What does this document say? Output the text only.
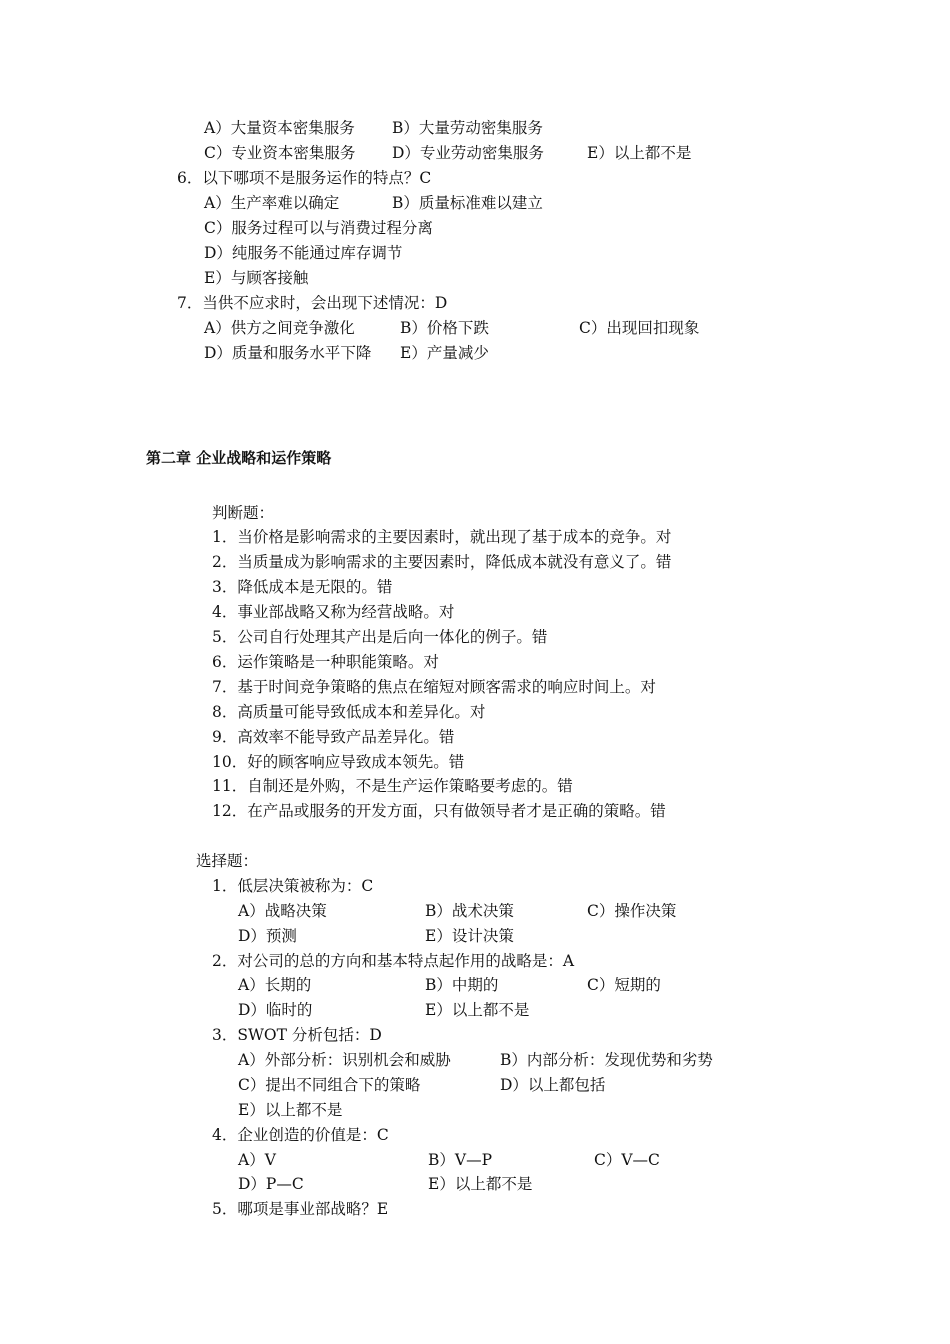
A）大量资本密集服务 B）大量劳动密集服务
C）专业资本密集服务 D）专业劳动密集服务	E）以上都不是
6．以下哪项不是服务运作的特点？C
A）生产率难以确定	B）质量标准难以建立
C）服务过程可以与消费过程分离
D）纯服务不能通过库存调节
E）与顾客接触
7．当供不应求时，会出现下述情况：D
A）供方之间竞争激化	B）价格下跌	C）出现回扣现象
D）质量和服务水平下降 E）产量减少
第二章 企业战略和运作策略
判断题：
1．当价格是影响需求的主要因素时，就出现了基于成本的竞争。对
2．当质量成为影响需求的主要因素时，降低成本就没有意义了。错
3．降低成本是无限的。错
4．事业部战略又称为经营战略。对
5．公司自行处理其产出是后向一体化的例子。错
6．运作策略是一种职能策略。对
7．基于时间竞争策略的焦点在缩短对顾客需求的响应时间上。对
8．高质量可能导致低成本和差异化。对
9．高效率不能导致产品差异化。错
10．好的顾客响应导致成本领先。错
11．自制还是外购，不是生产运作策略要考虑的。错
12．在产品或服务的开发方面，只有做领导者才是正确的策略。错
选择题：
1．低层决策被称为：C
A）战略决策	B）战术决策	C）操作决策
D）预测	E）设计决策
2．对公司的总的方向和基本特点起作用的战略是：A
A）长期的	B）中期的	C）短期的
D）临时的	E）以上都不是
3．SWOT 分析包括：D
A）外部分析：识别机会和威胁	B）内部分析：发现优势和劣势
C）提出不同组合下的策略	D）以上都包括
E）以上都不是
4．企业创造的价值是：C
A）V	B）V—P	C）V—C
D）P—C	E）以上都不是
5．哪项是事业部战略？E
